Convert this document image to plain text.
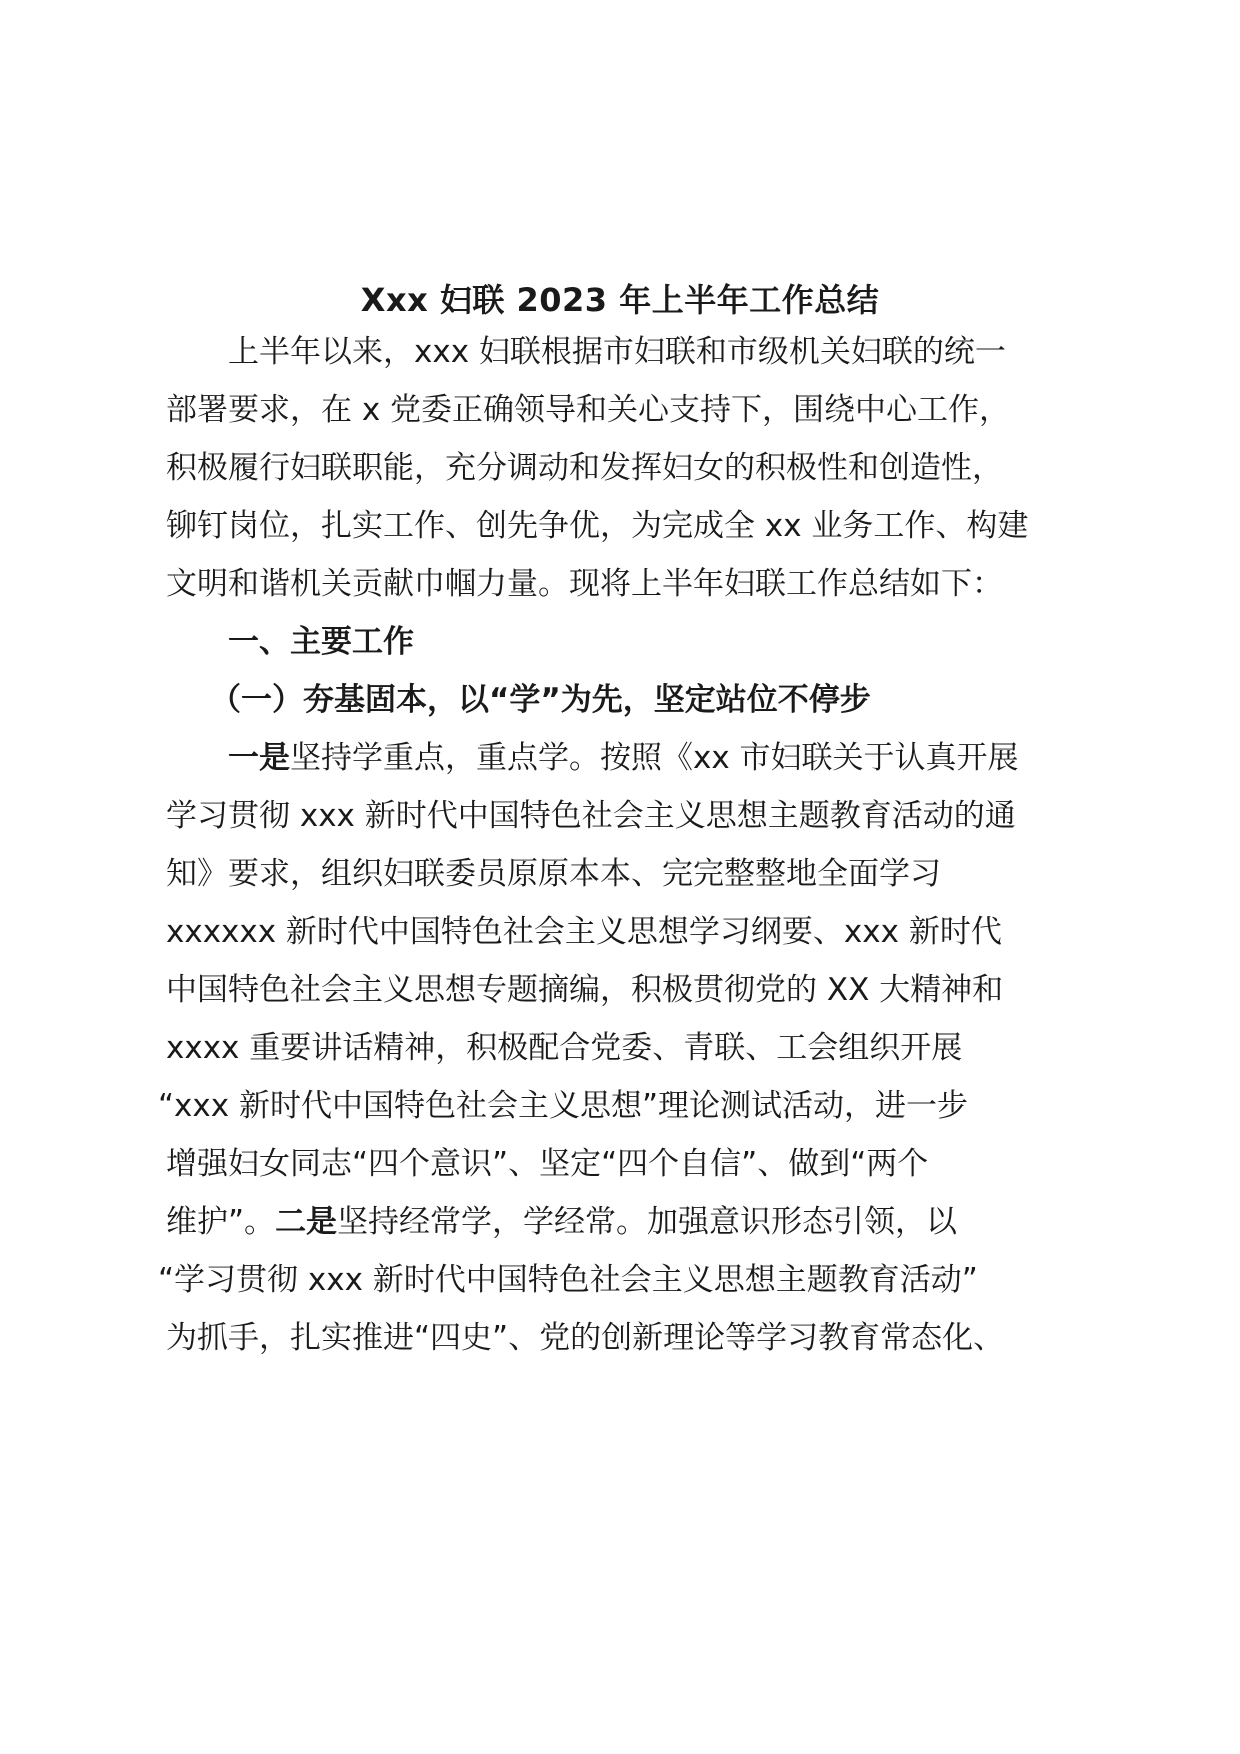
Xxx 妇联 2023 年上半年工作总结

上半年以来，xxx 妇联根据市妇联和市级机关妇联的统一

部署要求，在 x 党委正确领导和关心支持下，围绕中心工作，

积极履行妇联职能，充分调动和发挥妇女的积极性和创造性，

铆钉岗位，扎实工作、创先争优，为完成全 xx 业务工作、构建

文明和谐机关贡献巾帼力量。现将上半年妇联工作总结如下：

一、主要工作

（一）夯基固本，以“学”为先，坚定站位不停步

一是坚持学重点，重点学。按照《xx 市妇联关于认真开展

学习贯彻 xxx 新时代中国特色社会主义思想主题教育活动的通

知》要求，组织妇联委员原原本本、完完整整地全面学习

xxxxxx 新时代中国特色社会主义思想学习纲要、xxx 新时代

中国特色社会主义思想专题摘编，积极贯彻党的 XX 大精神和

xxxx 重要讲话精神，积极配合党委、青联、工会组织开展

“xxx 新时代中国特色社会主义思想”理论测试活动，进一步

增强妇女同志“四个意识”、坚定“四个自信”、做到“两个

维护”。二是坚持经常学，学经常。加强意识形态引领，以

“学习贯彻 xxx 新时代中国特色社会主义思想主题教育活动”

为抓手，扎实推进“四史”、党的创新理论等学习教育常态化、
